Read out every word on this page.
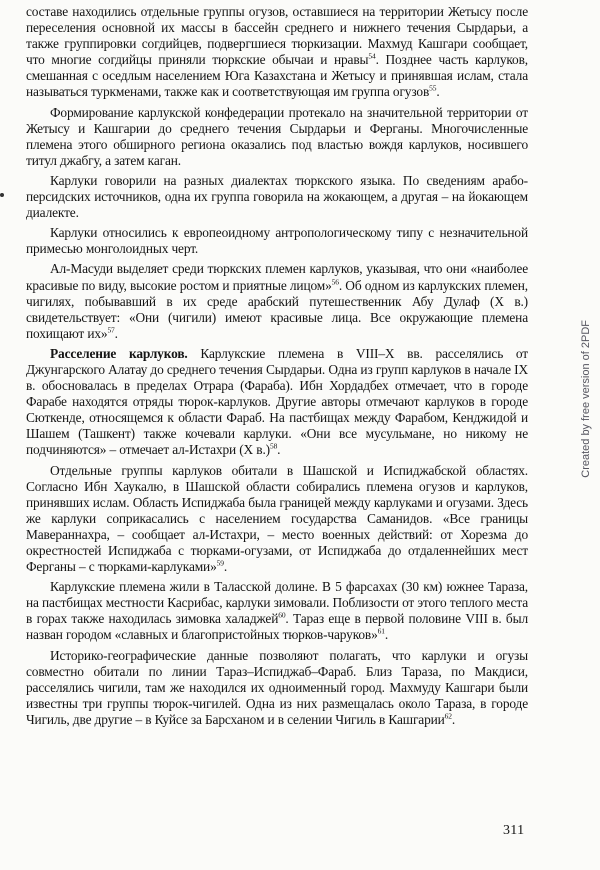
составе находились отдельные группы огузов, оставшиеся на территории Жетысу после переселения основной их массы в бассейн среднего и нижнего течения Сырдарьи, а также группировки согдийцев, подвергшиеся тюркизации. Махмуд Кашгари сообщает, что многие согдийцы приняли тюркские обычаи и нравы$^{54}$. Позднее часть карлуков, смешанная с оседлым населением Юга Казахстана и Жетысу и принявшая ислам, стала называться туркменами, также как и соответствующая им группа огузов$^{55}$.

Формирование карлукской конфедерации протекало на значительной территории от Жетысу и Кашгарии до среднего течения Сырдарьи и Ферганы. Многочисленные племена этого обширного региона оказались под властью вождя карлуков, носившего титул джабгу, а затем каган.

Карлуки говорили на разных диалектах тюркского языка. По сведениям арабо-персидских источников, одна их группа говорила на жокающем, а другая – на йокающем диалекте.

Карлуки относились к европеоидному антропологическому типу с незначительной примесью монголоидных черт.

Ал-Масуди выделяет среди тюркских племен карлуков, указывая, что они «наиболее красивые по виду, высокие ростом и приятные лицом»$^{56}$. Об одном из карлукских племен, чигилях, побывавший в их среде арабский путешественник Абу Дулаф (X в.) свидетельствует: «Они (чигили) имеют красивые лица. Все окружающие племена похищают их»$^{57}$.

Расселение карлуков. Карлукские племена в VIII–X вв. расселялись от Джунгарского Алатау до среднего течения Сырдарьи. Одна из групп карлуков в начале IX в. обосновалась в пределах Отрара (Фараба). Ибн Хордадбех отмечает, что в городе Фарабе находятся отряды тюрок-карлуков. Другие авторы отмечают карлуков в городе Сюткенде, относящемся к области Фараб. На пастбищах между Фарабом, Кенджидой и Шашем (Ташкент) также кочевали карлуки. «Они все мусульмане, но никому не подчиняются» – отмечает ал-Истахри (X в.)$^{58}$.

Отдельные группы карлуков обитали в Шашской и Испиджабской областях. Согласно Ибн Хаукалю, в Шашской области собирались племена огузов и карлуков, принявших ислам. Область Испиджаба была границей между карлуками и огузами. Здесь же карлуки соприкасались с населением государства Саманидов. «Все границы Мавераннахра, – сообщает ал-Истахри, – место военных действий: от Хорезма до окрестностей Испиджаба с тюрками-огузами, от Испиджаба до отдаленнейших мест Ферганы – с тюрками-карлуками»$^{59}$.

Карлукские племена жили в Таласской долине. В 5 фарсахах (30 км) южнее Тараза, на пастбищах местности Касрибас, карлуки зимовали. Поблизости от этого теплого места в горах также находилась зимовка халаджей$^{60}$. Тараз еще в первой половине VIII в. был назван городом «славных и благопристойных тюрков-чаруков»$^{61}$.

Историко-географические данные позволяют полагать, что карлуки и огузы совместно обитали по линии Тараз–Испиджаб–Фараб. Близ Тараза, по Макдиси, расселялись чигили, там же находился их одноименный город. Махмуду Кашгари были известны три группы тюрок-чигилей. Одна из них размещалась около Тараза, в городе Чигиль, две другие – в Куйсе за Барсханом и в селении Чигиль в Кашгарии$^{62}$.

311
Created by free version of 2PDF
